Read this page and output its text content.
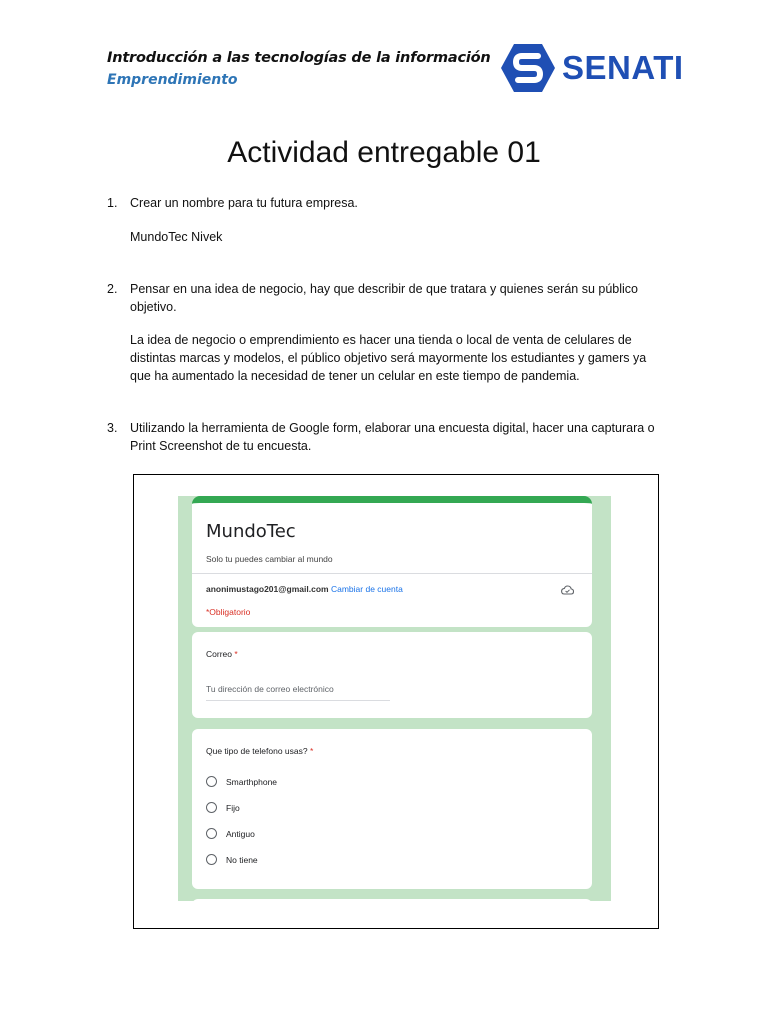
Introducción a las tecnologías de la información
Emprendimiento	SENATI
Actividad entregable 01
1. Crear un nombre para tu futura empresa.
MundoTec Nivek
2. Pensar en una idea de negocio, hay que describir de que tratara y quienes serán su público objetivo.
La idea de negocio o emprendimiento es hacer una tienda o local de venta de celulares de distintas marcas y modelos, el público objetivo será mayormente los estudiantes y gamers ya que ha aumentado la necesidad de tener un celular en este tiempo de pandemia.
3. Utilizando la herramienta de Google form, elaborar una encuesta digital, hacer una capturara o Print Screenshot de tu encuesta.
MundoTec
Solo tu puedes cambiar al mundo
anonimustago201@gmail.com Cambiar de cuenta
*Obligatorio
Correo *
Tu dirección de correo electrónico
Que tipo de telefono usas? *
Smarthphone
Fijo
Antiguo
No tiene
